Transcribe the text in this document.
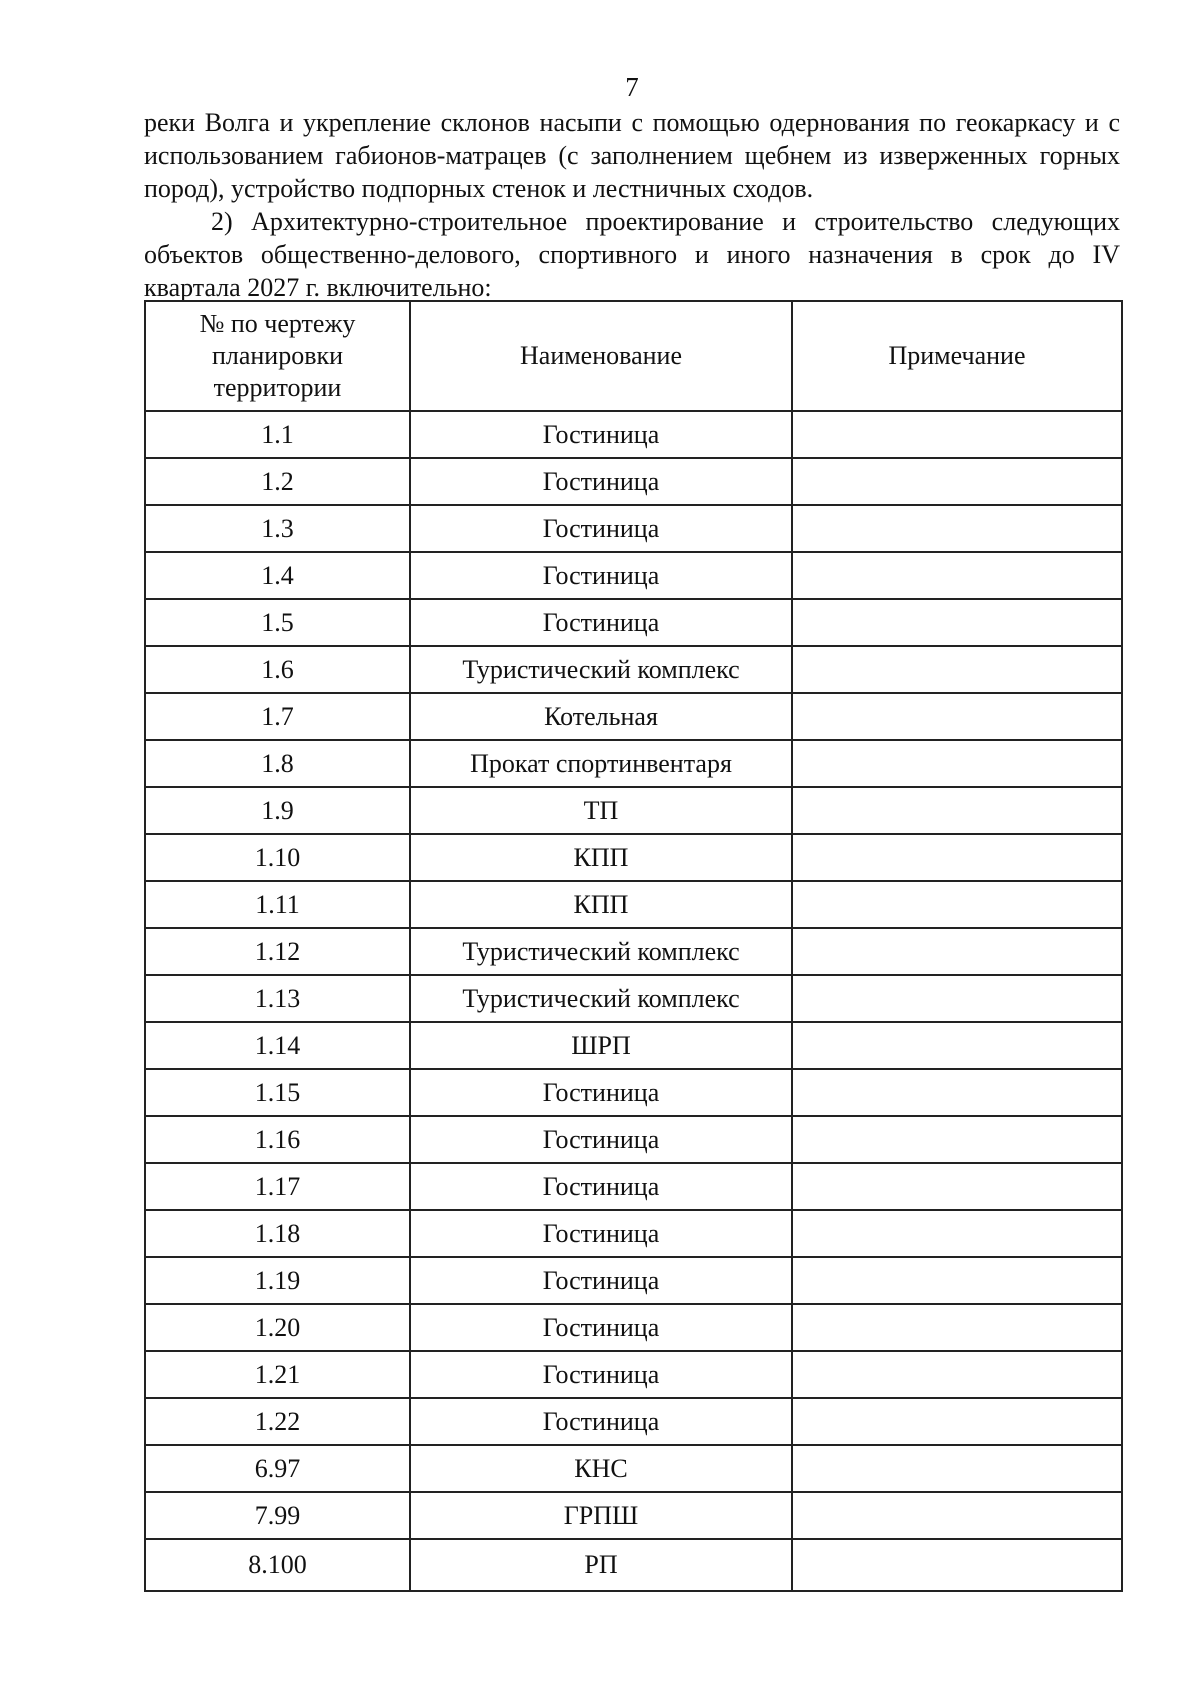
7

реки Волга и укрепление склонов насыпи с помощью одернования по геокаркасу и с использованием габионов-матрацев (с заполнением щебнем из изверженных горных пород), устройство подпорных стенок и лестничных сходов.

2) Архитектурно-строительное проектирование и строительство следующих объектов общественно-делового, спортивного и иного назначения в срок до IV квартала 2027 г. включительно:

№ по чертежу планировки территории	Наименование	Примечание
1.1	Гостиница	
1.2	Гостиница	
1.3	Гостиница	
1.4	Гостиница	
1.5	Гостиница	
1.6	Туристический комплекс	
1.7	Котельная	
1.8	Прокат спортинвентаря	
1.9	ТП	
1.10	КПП	
1.11	КПП	
1.12	Туристический комплекс	
1.13	Туристический комплекс	
1.14	ШРП	
1.15	Гостиница	
1.16	Гостиница	
1.17	Гостиница	
1.18	Гостиница	
1.19	Гостиница	
1.20	Гостиница	
1.21	Гостиница	
1.22	Гостиница	
6.97	КНС	
7.99	ГРПШ	
8.100	РП	
